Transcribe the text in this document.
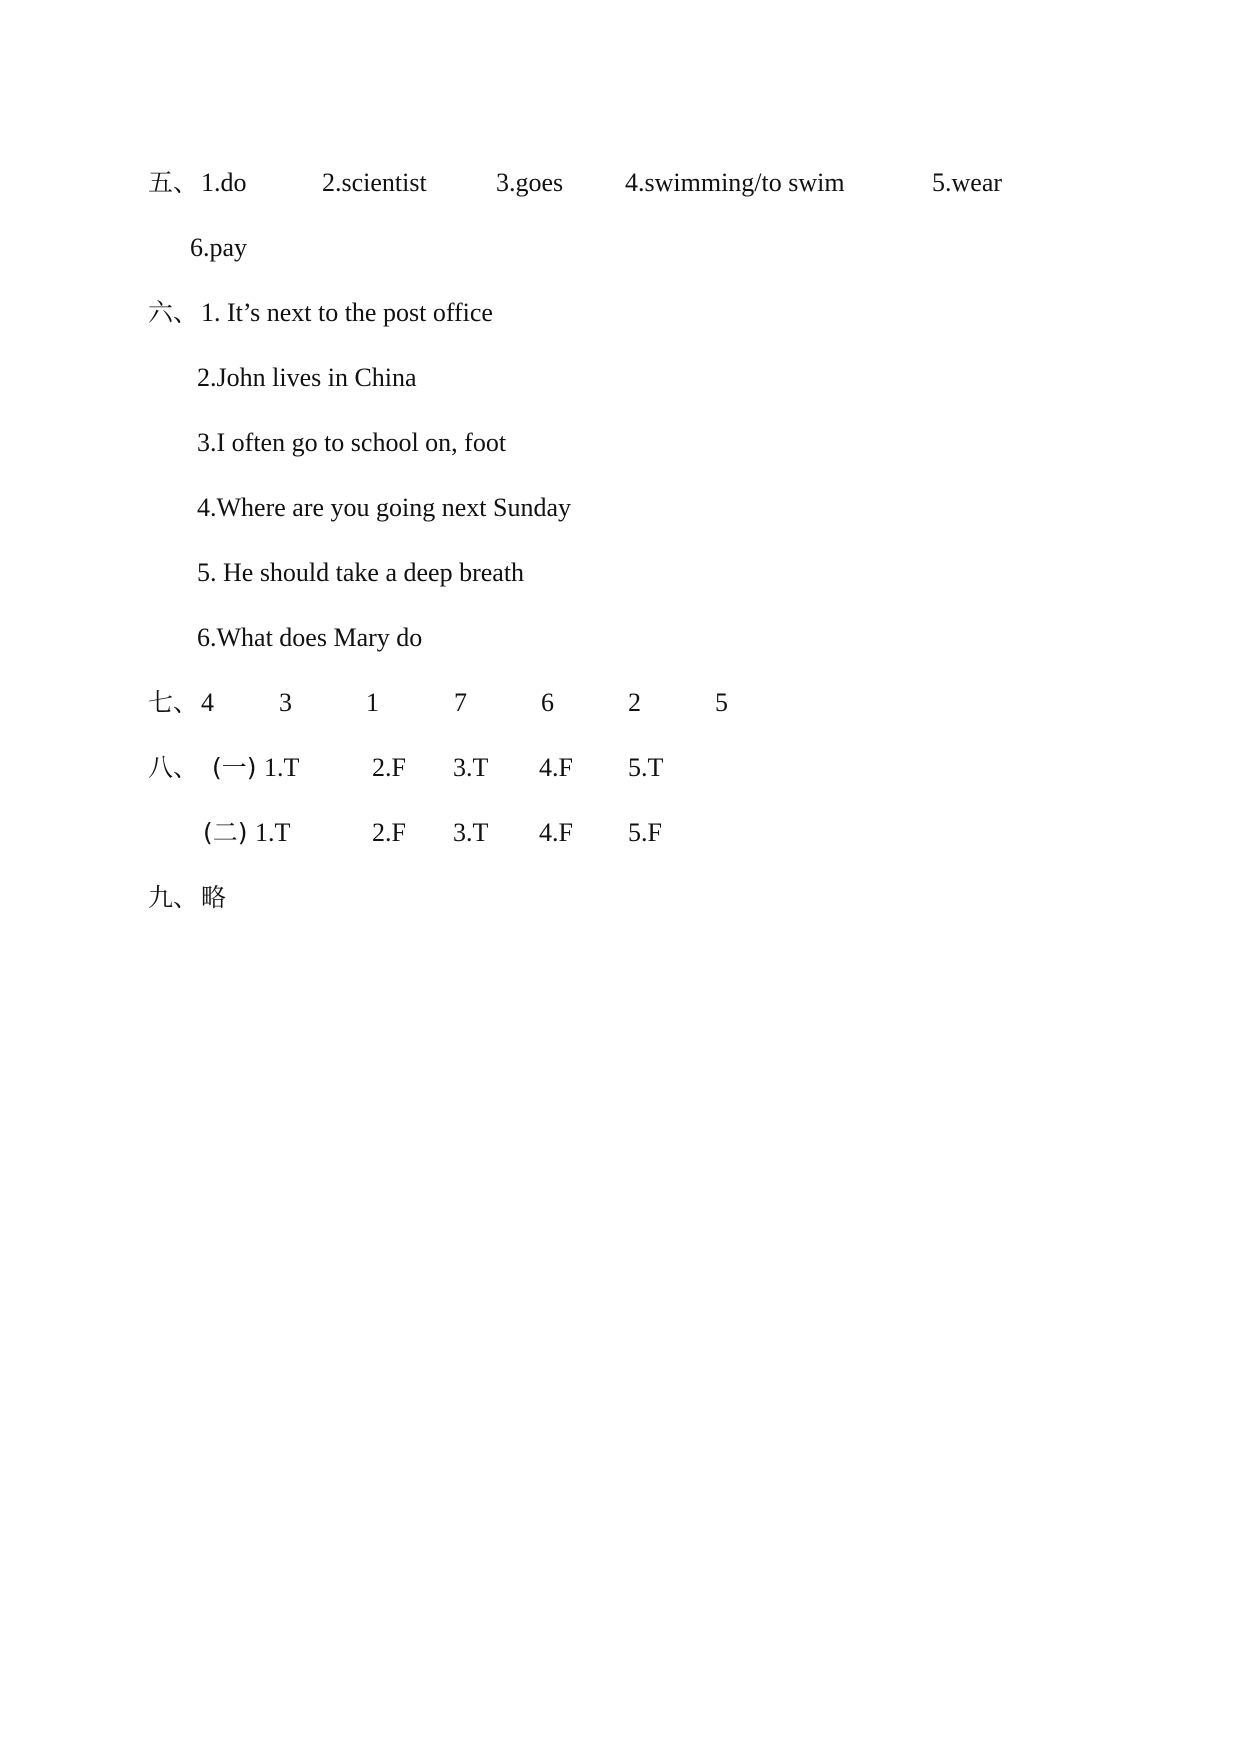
五、 1.do	2.scientist	3.goes 4.swimming/to swim	5.wear
6.pay
六、 1. It’s next to the post office
2.John lives in China
3.I often go to school on, foot
4.Where are you going next Sunday
5. He should take a deep breath
6.What does Mary do
七、 4	3	1	7	6	2	5
八、 (一) 1.T	2.F 3.T 4.F 5.T
(二) 1.T	2.F 3.T 4.F 5.F
九、 略
